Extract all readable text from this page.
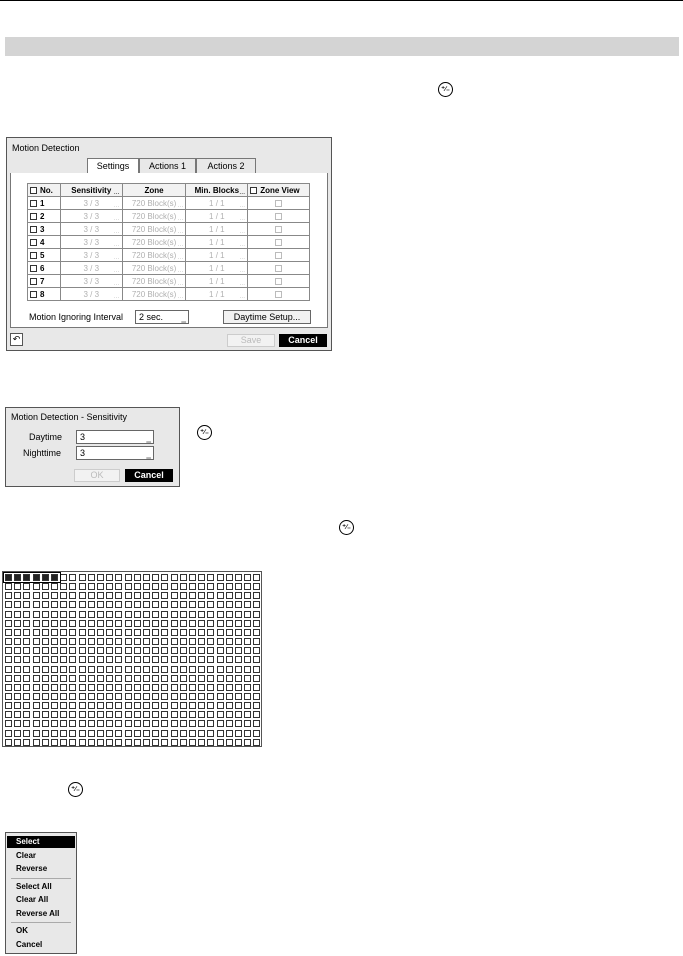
⁺∕₋
⁺∕₋
⁺∕₋
⁺∕₋
Motion Detection
Settings	Actions 1	Actions 2
No.	Sensitivity …	Zone	Min. Blocks …	Zone View
1	3 / 3 …	720 Block(s) …	1 / 1 …	

2	3 / 3 …	720 Block(s) …	1 / 1 …	

3	3 / 3 …	720 Block(s) …	1 / 1 …	

4	3 / 3 …	720 Block(s) …	1 / 1 …	

5	3 / 3 …	720 Block(s) …	1 / 1 …	

6	3 / 3 …	720 Block(s) …	1 / 1 …	

7	3 / 3 …	720 Block(s) …	1 / 1 …	

8	3 / 3 …	720 Block(s) …	1 / 1 …	

Motion Ignoring Interval	2 sec.	▁	Daytime Setup...
↶	Save	Cancel
Motion Detection - Sensitivity
Daytime	3	▁
Nighttime	3	▁
OK	Cancel
Select
Clear
Reverse
Select All
Clear All
Reverse All
OK
Cancel
